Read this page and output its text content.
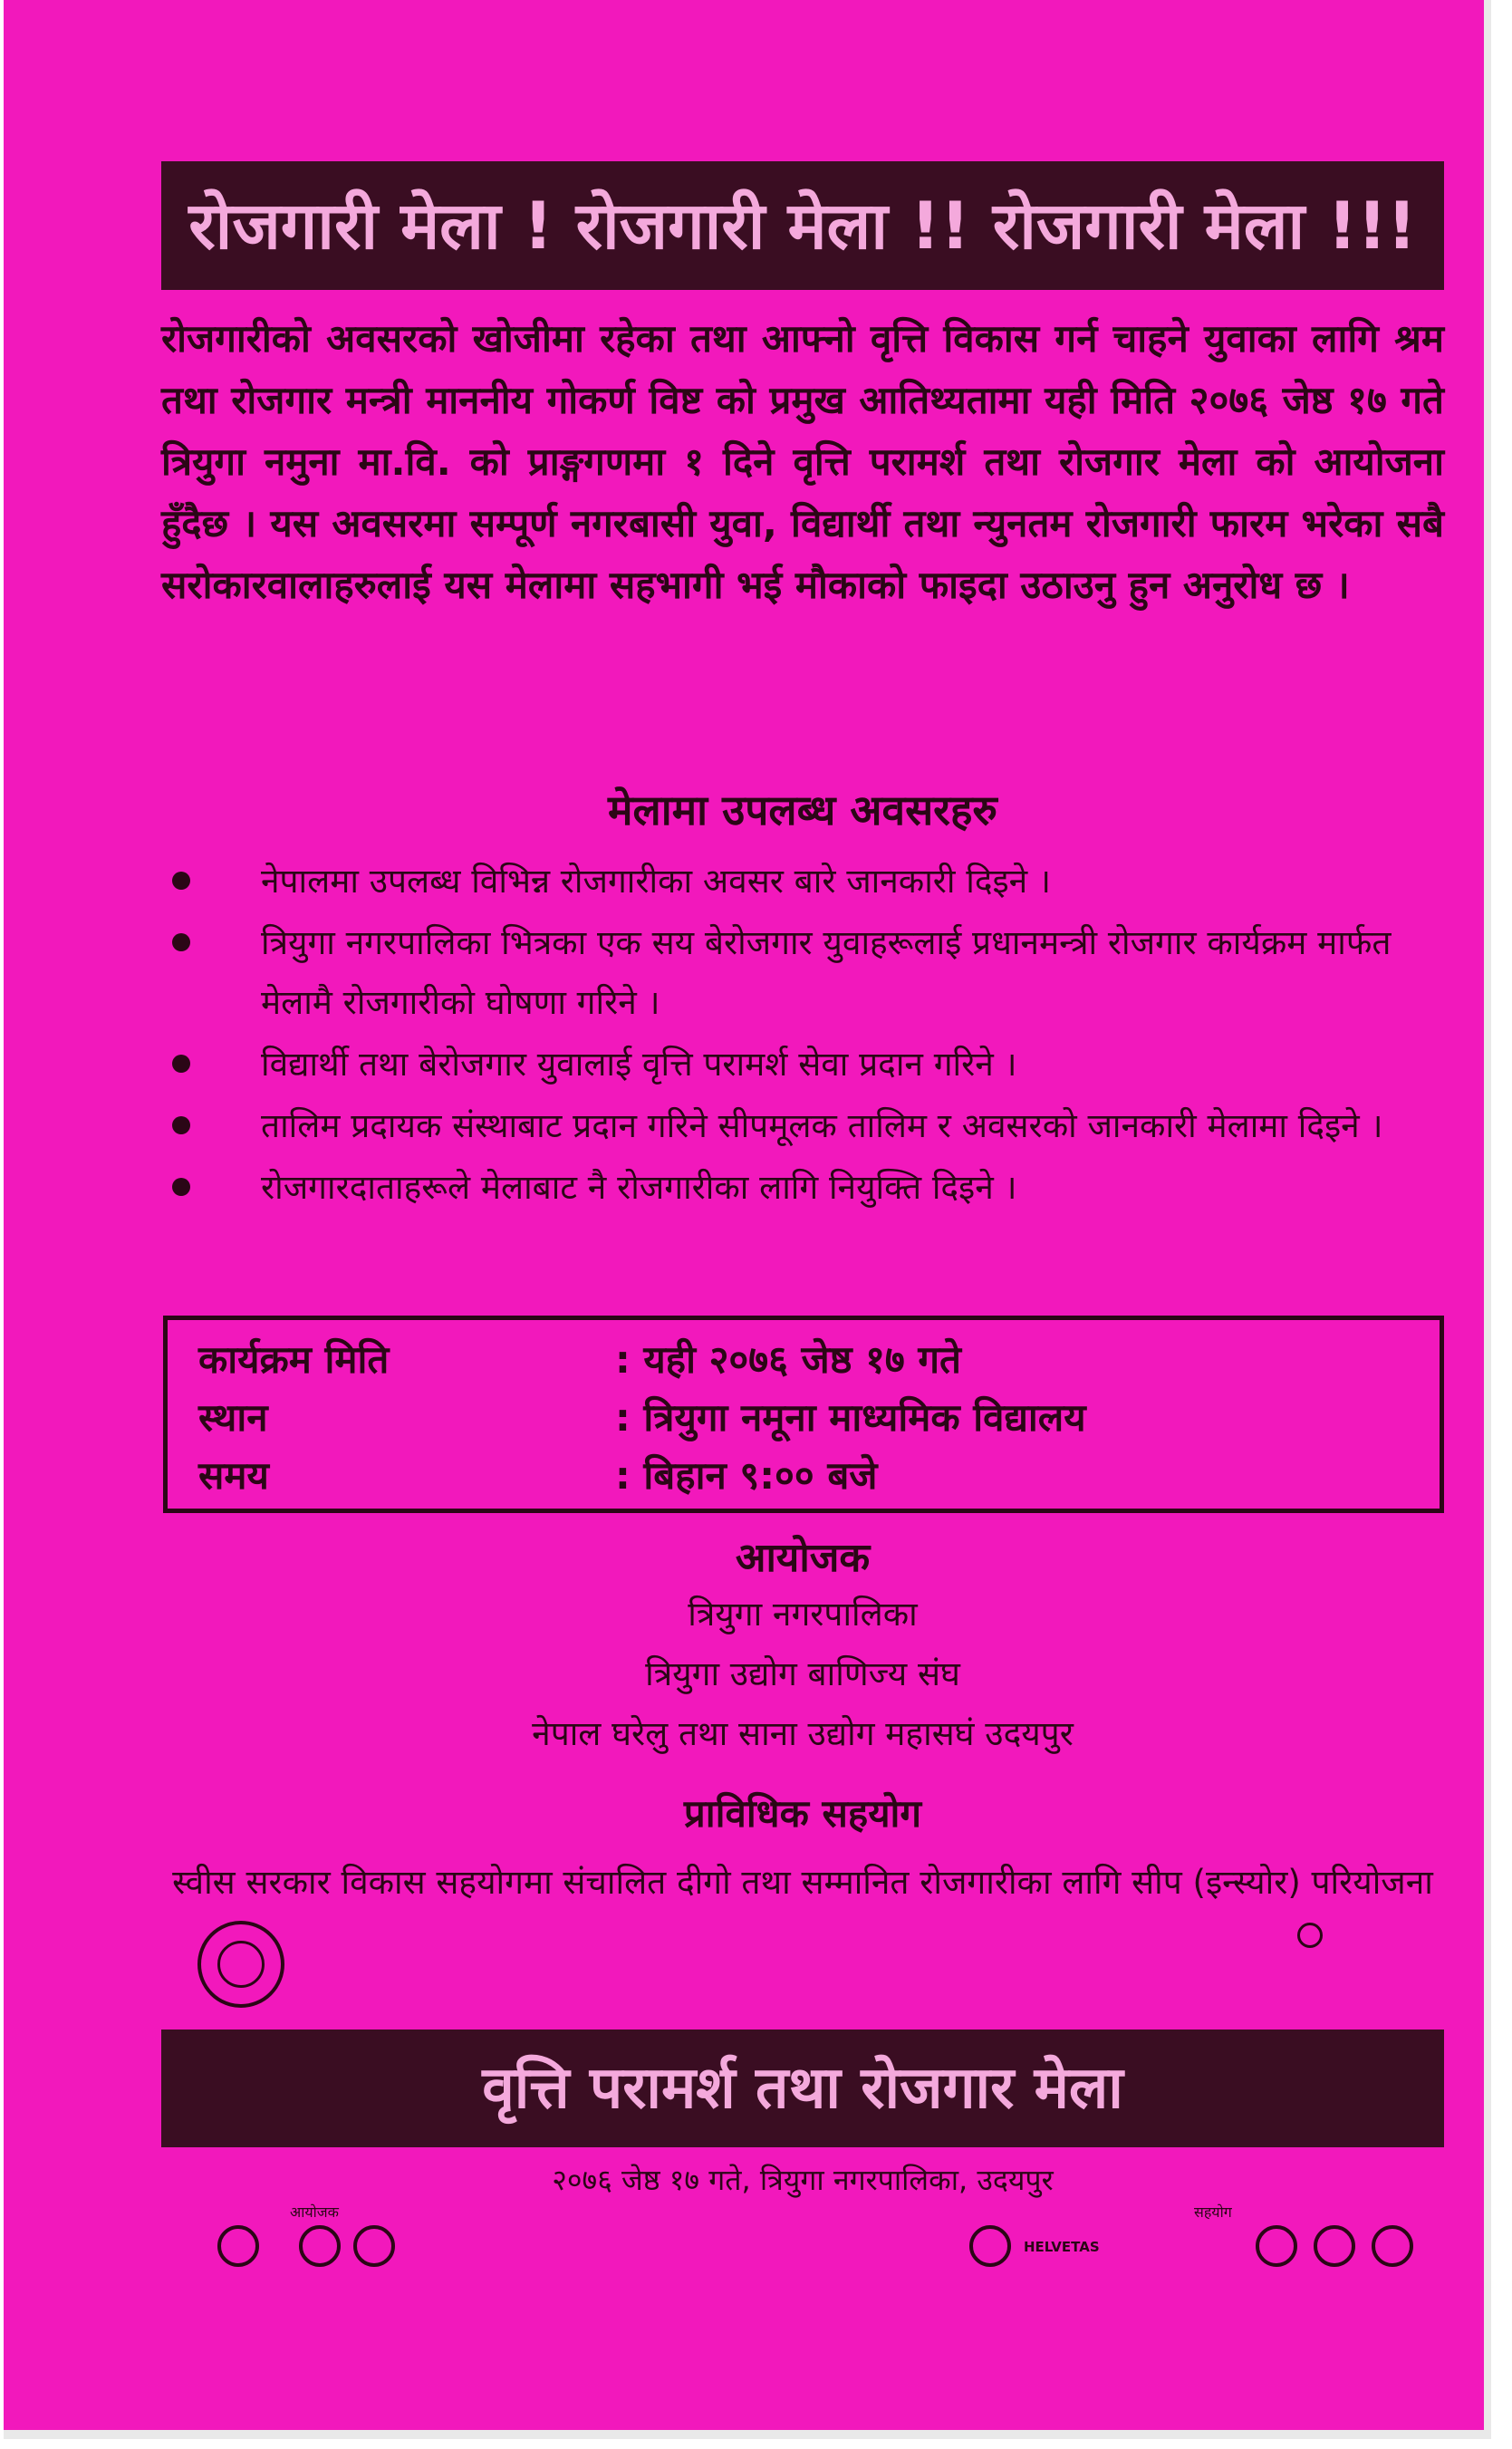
रोजगारी मेला ! रोजगारी मेला !! रोजगारी मेला !!!

रोजगारीको अवसरको खोजीमा रहेका तथा आफ्नो वृत्ति विकास गर्न चाहने युवाका लागि श्रम तथा रोजगार मन्त्री माननीय गोकर्ण विष्ट को प्रमुख आतिथ्यतामा यही मिति २०७६ जेष्ठ १७ गते त्रियुगा नमुना मा.वि. को प्राङ्गगणमा १ दिने वृत्ति परामर्श तथा रोजगार मेला को आयोजना हुँदैछ । यस अवसरमा सम्पूर्ण नगरबासी युवा, विद्यार्थी तथा न्युनतम रोजगारी फारम भरेका सबै सरोकारवालाहरुलाई यस मेलामा सहभागी भई मौकाको फाइदा उठाउनु हुन अनुरोध छ ।

मेलामा उपलब्ध अवसरहरु
नेपालमा उपलब्ध विभिन्न रोजगारीका अवसर बारे जानकारी दिइने ।
त्रियुगा नगरपालिका भित्रका एक सय बेरोजगार युवाहरूलाई प्रधानमन्त्री रोजगार कार्यक्रम मार्फत मेलामै रोजगारीको घोषणा गरिने ।
विद्यार्थी तथा बेरोजगार युवालाई वृत्ति परामर्श सेवा प्रदान गरिने ।
तालिम प्रदायक संस्थाबाट प्रदान गरिने सीपमूलक तालिम र अवसरको जानकारी मेलामा दिइने ।
रोजगारदाताहरूले मेलाबाट नै रोजगारीका लागि नियुक्ति दिइने ।
कार्यक्रम मिति	: यही २०७६ जेष्ठ १७ गते
स्थान	: त्रियुगा नमूना माध्यमिक विद्यालय
समय	: बिहान ९:०० बजे
आयोजक

त्रियुगा नगरपालिका

त्रियुगा उद्योग बाणिज्य संघ

नेपाल घरेलु तथा साना उद्योग महासघं उदयपुर

प्राविधिक सहयोग

स्वीस सरकार विकास सहयोगमा संचालित दीगो तथा सम्मानित रोजगारीका लागि सीप (इन्स्योर) परियोजना

वृत्ति परामर्श तथा रोजगार मेला

२०७६ जेष्ठ १७ गते, त्रियुगा नगरपालिका, उदयपुर

आयोजक	सहयोग

HELVETAS
